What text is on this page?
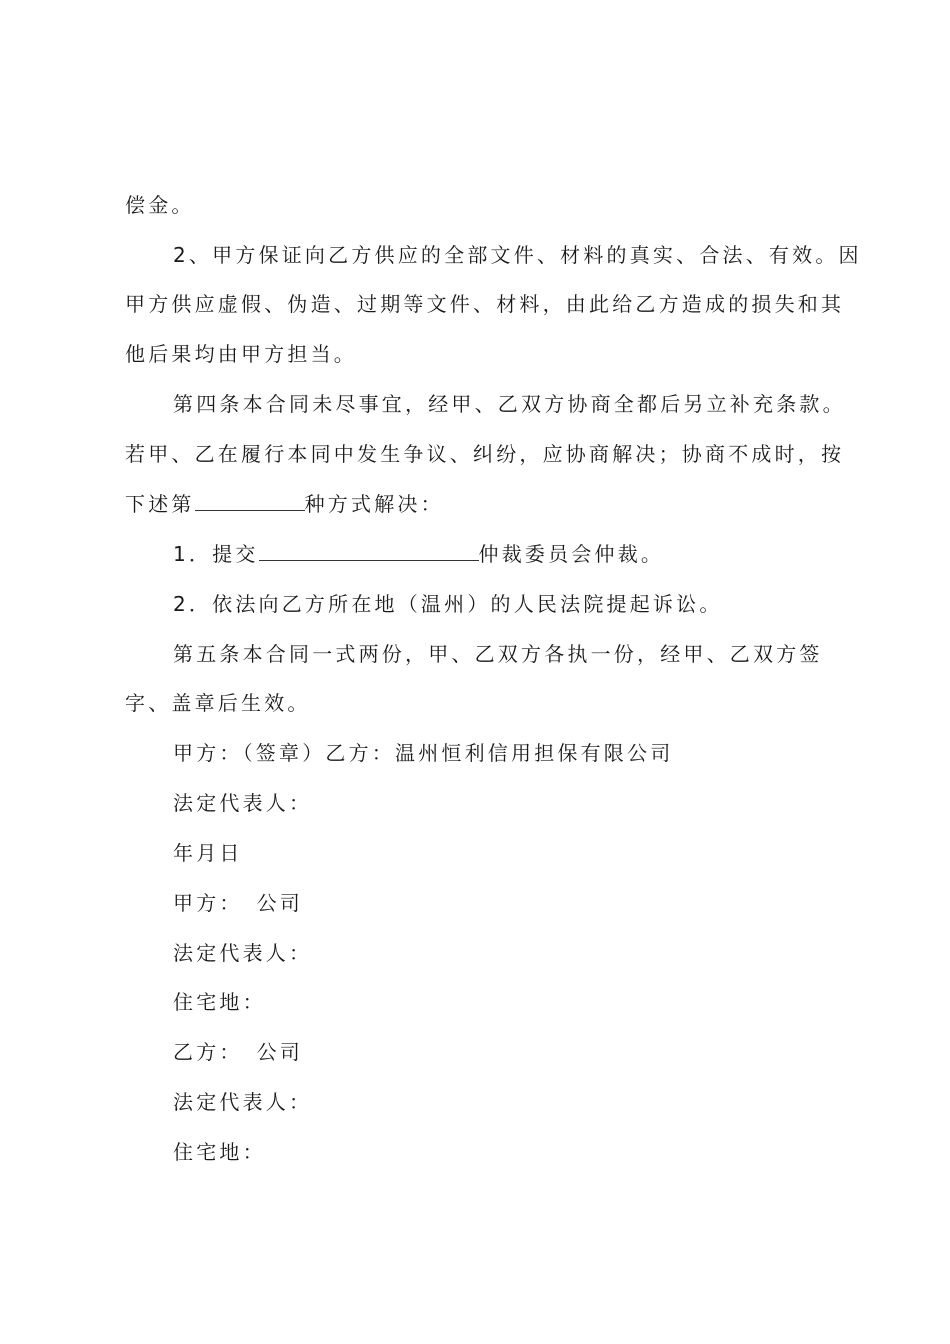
偿金。
2、甲方保证向乙方供应的全部文件、材料的真实、合法、有效。因
甲方供应虚假、伪造、过期等文件、材料，由此给乙方造成的损失和其
他后果均由甲方担当。
第四条本合同未尽事宜，经甲、乙双方协商全都后另立补充条款。
若甲、乙在履行本同中发生争议、纠纷，应协商解决；协商不成时，按
下述第	种方式解决：
1．提交	仲裁委员会仲裁。
2．依法向乙方所在地（温州）的人民法院提起诉讼。
第五条本合同一式两份，甲、乙双方各执一份，经甲、乙双方签
字、盖章后生效。
甲方：（签章）乙方：温州恒利信用担保有限公司
法定代表人：
年月日
甲方： 公司
法定代表人：
住宅地：
乙方： 公司
法定代表人：
住宅地：
